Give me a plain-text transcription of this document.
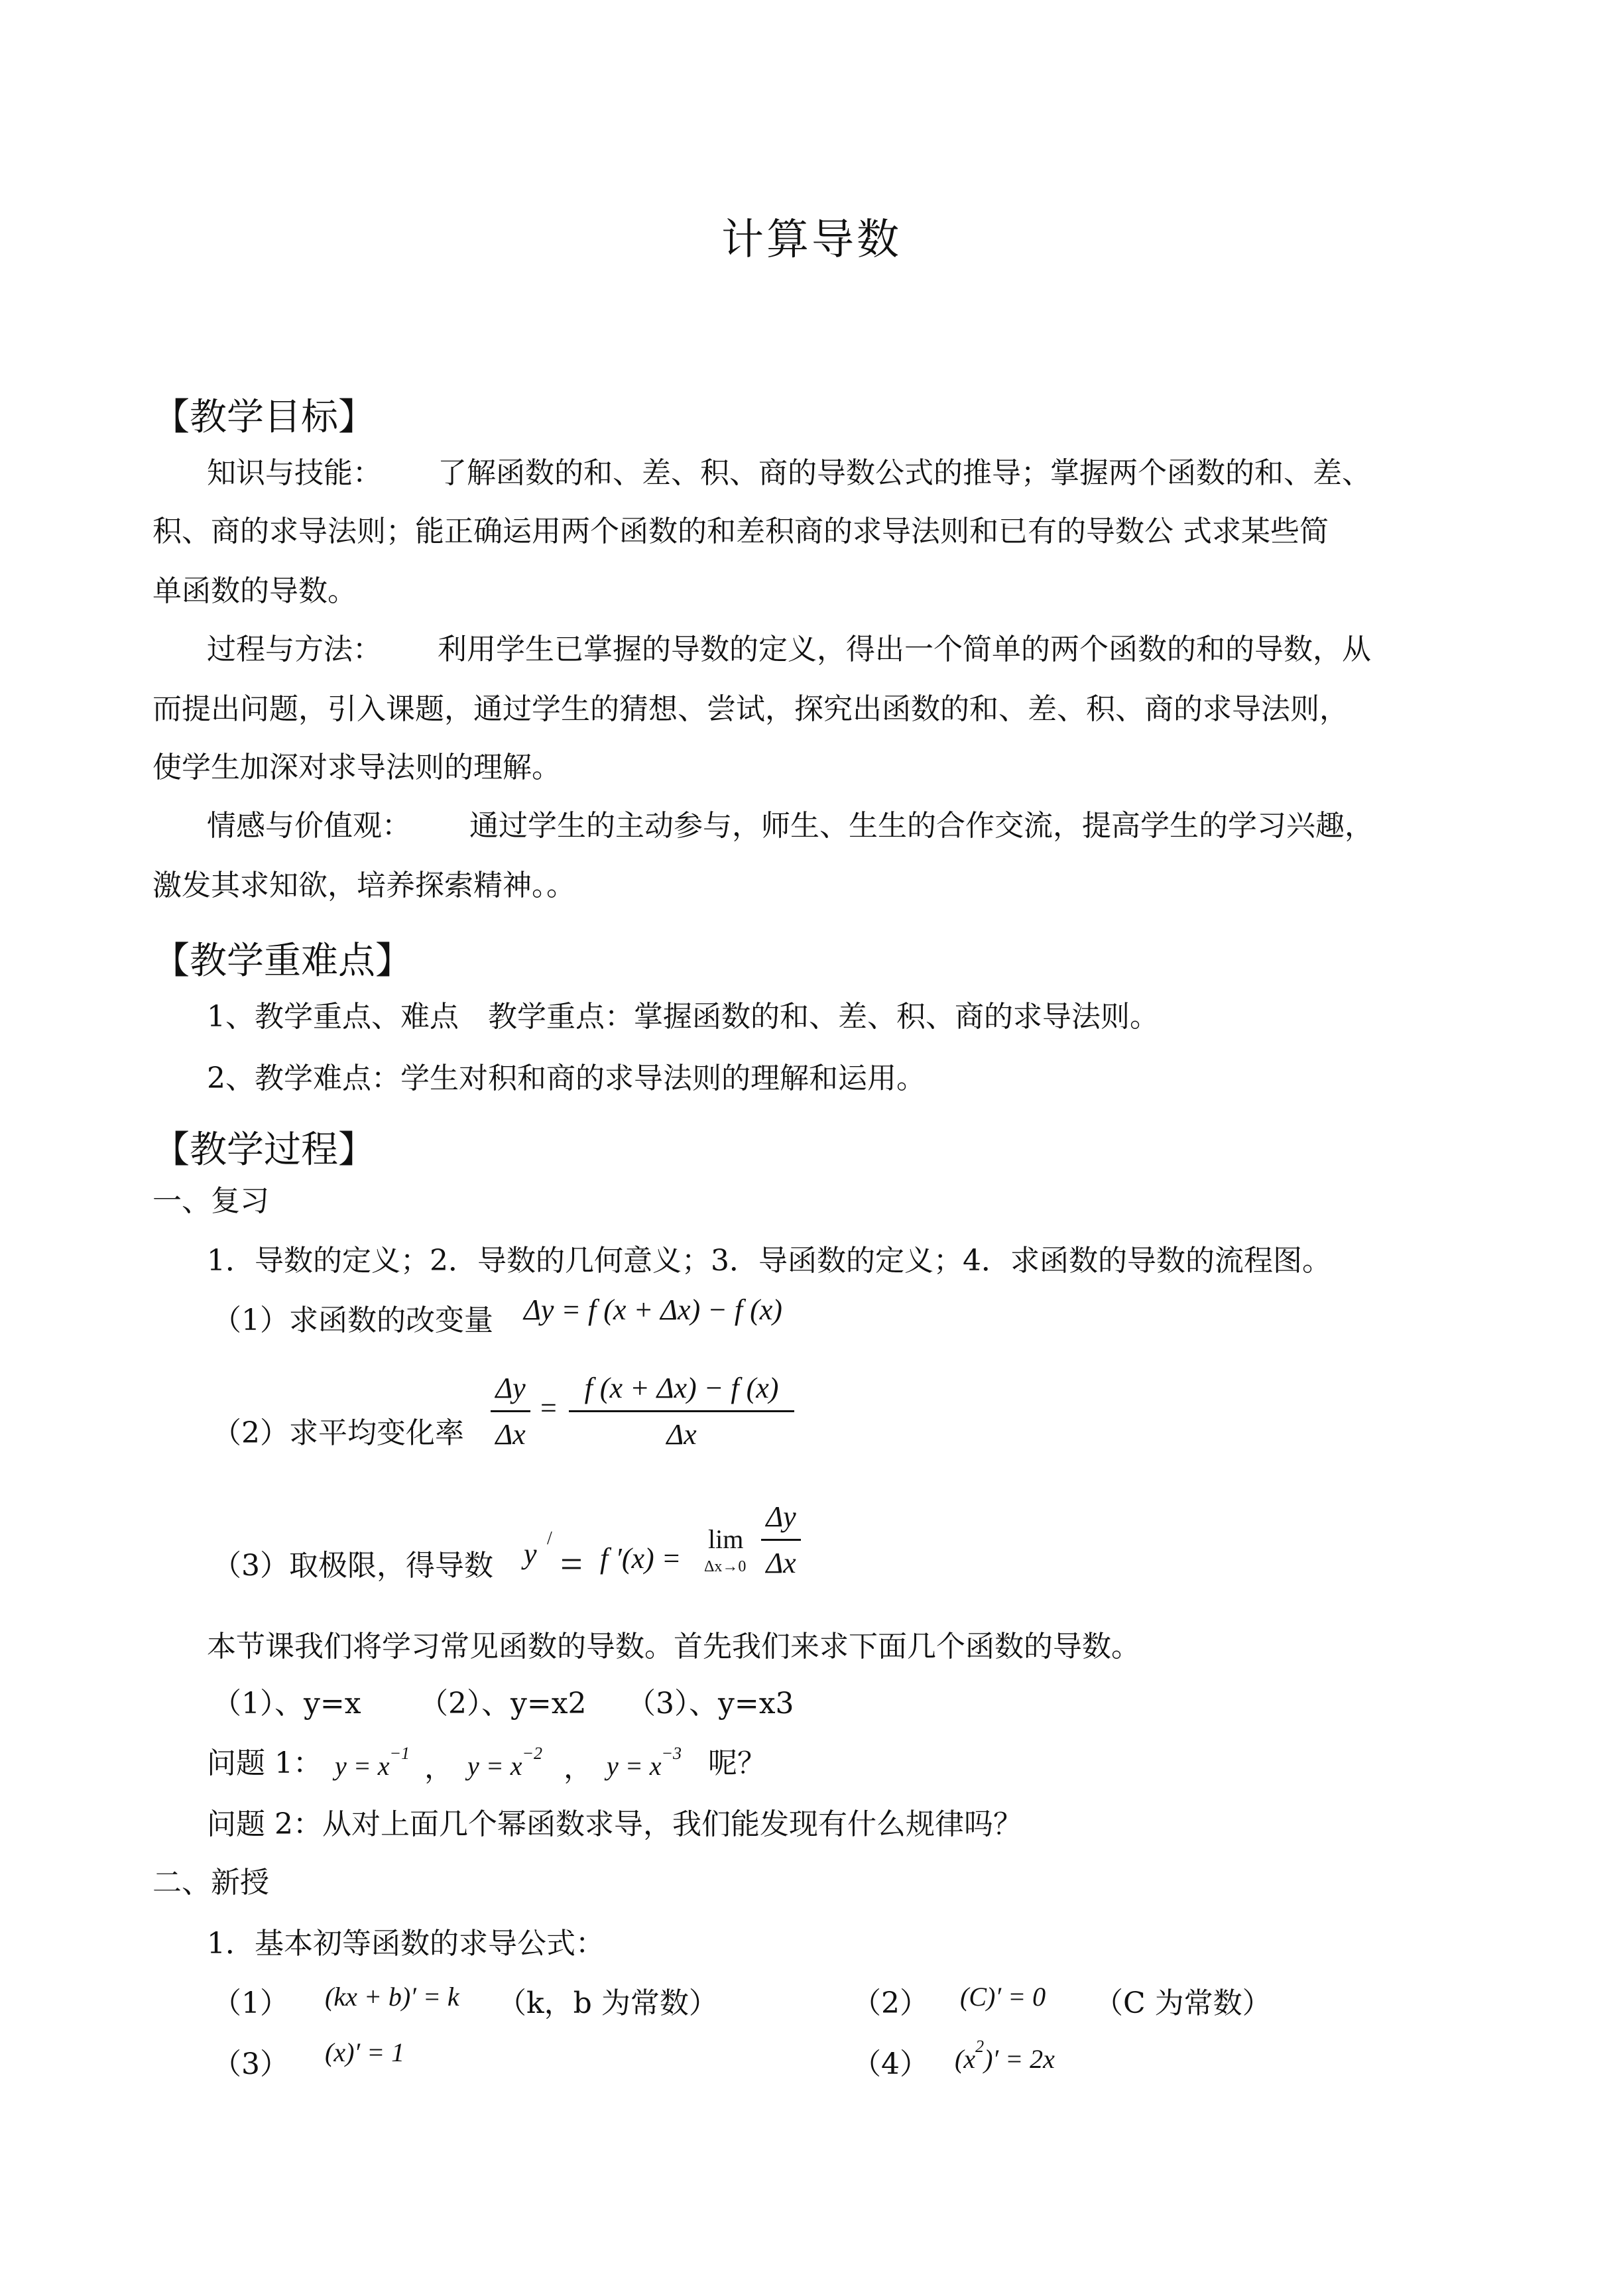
计算导数
【教学目标】
知识与技能： 了解函数的和、差、积、商的导数公式的推导；掌握两个函数的和、差、
积、商的求导法则；能正确运用两个函数的和差积商的求导法则和已有的导数公 式求某些简
单函数的导数。
过程与方法： 利用学生已掌握的导数的定义，得出一个简单的两个函数的和的导数，从
而提出问题，引入课题，通过学生的猜想、尝试，探究出函数的和、差、积、商的求导法则，
使学生加深对求导法则的理解。
情感与价值观： 通过学生的主动参与，师生、生生的合作交流，提高学生的学习兴趣，
激发其求知欲，培养探索精神。。
【教学重难点】
1、教学重点、难点　教学重点：掌握函数的和、差、积、商的求导法则。
2、教学难点：学生对积和商的求导法则的理解和运用。
【教学过程】
一、复习
1．导数的定义；2．导数的几何意义；3．导函数的定义；4．求函数的导数的流程图。
（1）求函数的改变量 Δy = f (x + Δx) − f (x)
（2）求平均变化率
Δy
Δx
=
f (x + Δx) − f (x)
Δx
（3）取极限，得导数 y /
= f ′(x) =
lim
Δx→0
Δy
Δx
本节课我们将学习常见函数的导数。首先我们来求下面几个函数的导数。
（1）、y=x （2）、y=x2 （3）、y=x3
问题 1： $y = x^{-1}$ ， $y = x^{-2}$ ， $y = x^{-3}$ 呢？
问题 2：从对上面几个幂函数求导，我们能发现有什么规律吗？
二、新授
1．基本初等函数的求导公式：
（1） (kx + b)′ = k （k，b 为常数）	（2） (C)′ = 0 （C 为常数）
（3） (x)′ = 1	（4） $(x^2)' = 2x$
